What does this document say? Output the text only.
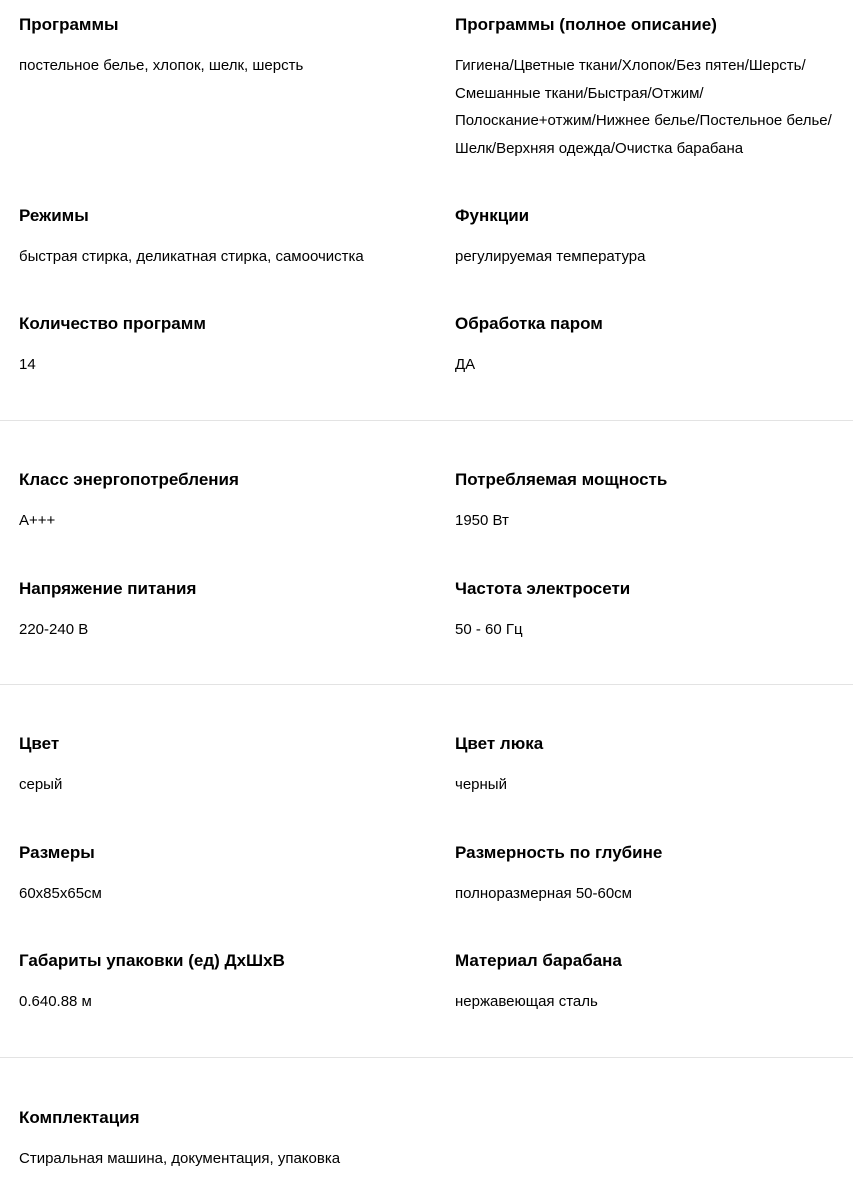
Программы

постельное белье, хлопок, шелк, шерсть

Программы (полное описание)

Гигиена/Цветные ткани/Хлопок/Без пятен/Шерсть/Смешанные ткани/Быстрая/Отжим/Полоскание+отжим/Нижнее белье/Постельное белье/Шелк/Верхняя одежда/Очистка барабана

Режимы

быстрая стирка, деликатная стирка, самоочистка

Функции

регулируемая температура

Количество программ

14

Обработка паром

ДА

Класс энергопотребления

A+++

Потребляемая мощность

1950 Вт

Напряжение питания

220-240 В

Частота электросети

50 - 60 Гц

Цвет

серый

Цвет люка

черный

Размеры

60x85x65см

Размерность по глубине

полноразмерная 50-60см

Габариты упаковки (ед) ДхШхВ

0.640.88 м

Материал барабана

нержавеющая сталь

Комплектация

Стиральная машина, документация, упаковка
